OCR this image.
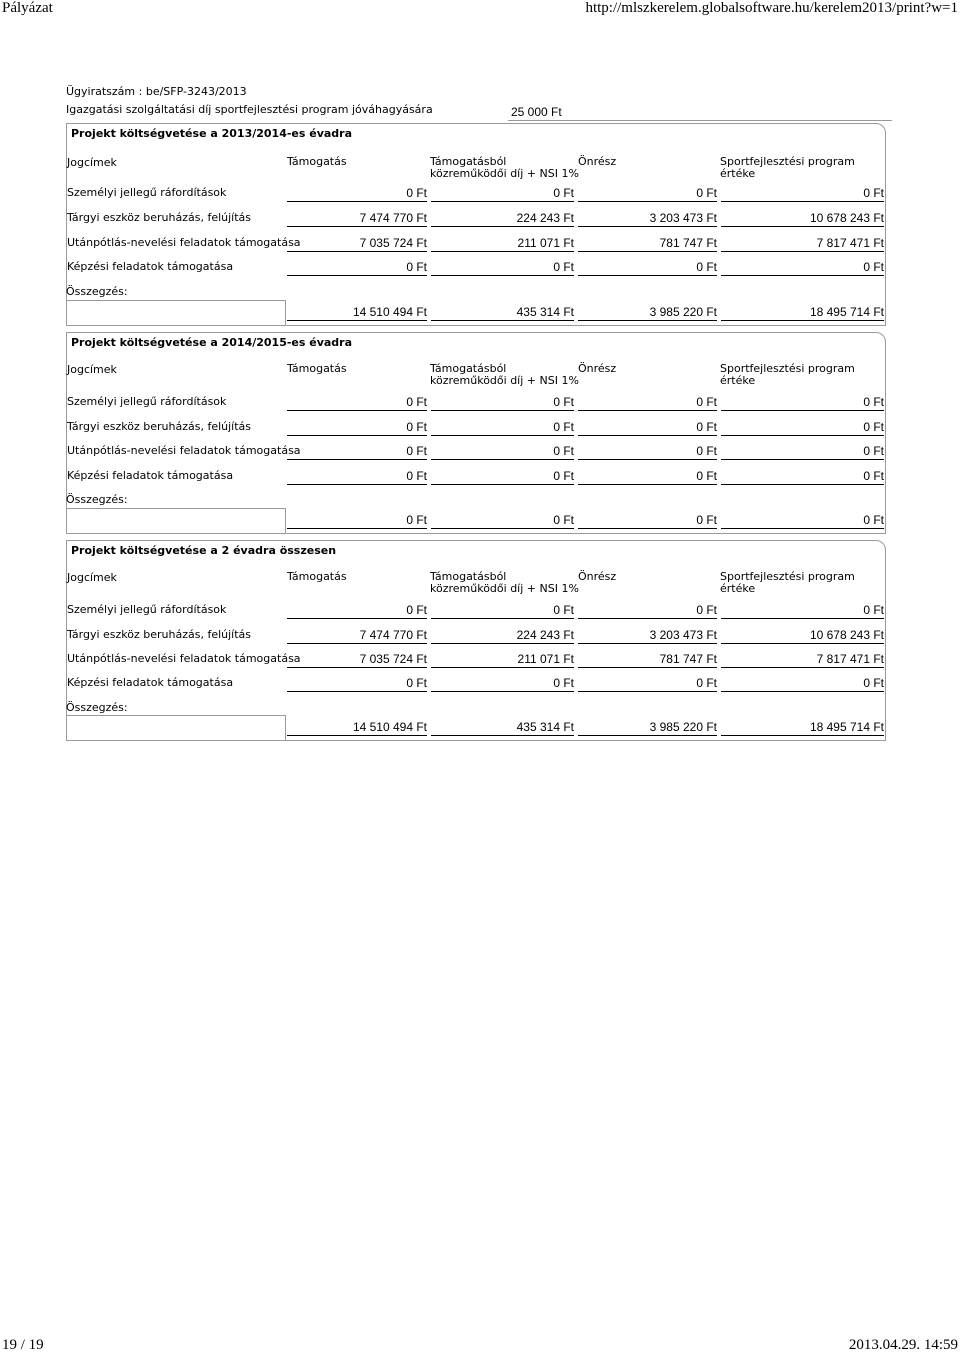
Pályázat	http://mlszkerelem.globalsoftware.hu/kerelem2013/print?w=1
Ügyiratszám : be/SFP-3243/2013
Igazgatási szolgáltatási díj sportfejlesztési program jóváhagyására	25 000 Ft
Projekt költségvetése a 2013/2014-es évadra
Jogcímek	Támogatás	Támogatásból
közreműködői díj + NSI 1%
Önrész	Sportfejlesztési program értéke
Személyi jellegű ráfordítások	0 Ft	0 Ft	0 Ft	0 Ft
Tárgyi eszköz beruházás, felújítás	7 474 770 Ft	224 243 Ft	3 203 473 Ft	10 678 243 Ft
Utánpótlás-nevelési feladatok támogatása	7 035 724 Ft	211 071 Ft	781 747 Ft	7 817 471 Ft
Képzési feladatok támogatása	0 Ft	0 Ft	0 Ft	0 Ft
Összegzés:
14 510 494 Ft	435 314 Ft	3 985 220 Ft	18 495 714 Ft
Projekt költségvetése a 2014/2015-es évadra
Jogcímek	Támogatás	Támogatásból
közreműködői díj + NSI 1%
Önrész	Sportfejlesztési program értéke
Személyi jellegű ráfordítások	0 Ft	0 Ft	0 Ft	0 Ft
Tárgyi eszköz beruházás, felújítás	0 Ft	0 Ft	0 Ft	0 Ft
Utánpótlás-nevelési feladatok támogatása	0 Ft	0 Ft	0 Ft	0 Ft
Képzési feladatok támogatása	0 Ft	0 Ft	0 Ft	0 Ft
Összegzés:
0 Ft	0 Ft	0 Ft	0 Ft
Projekt költségvetése a 2 évadra összesen
Jogcímek	Támogatás	Támogatásból
közreműködői díj + NSI 1%
Önrész	Sportfejlesztési program értéke
Személyi jellegű ráfordítások	0 Ft	0 Ft	0 Ft	0 Ft
Tárgyi eszköz beruházás, felújítás	7 474 770 Ft	224 243 Ft	3 203 473 Ft	10 678 243 Ft
Utánpótlás-nevelési feladatok támogatása	7 035 724 Ft	211 071 Ft	781 747 Ft	7 817 471 Ft
Képzési feladatok támogatása	0 Ft	0 Ft	0 Ft	0 Ft
Összegzés:
14 510 494 Ft	435 314 Ft	3 985 220 Ft	18 495 714 Ft
19 / 19	2013.04.29. 14:59
